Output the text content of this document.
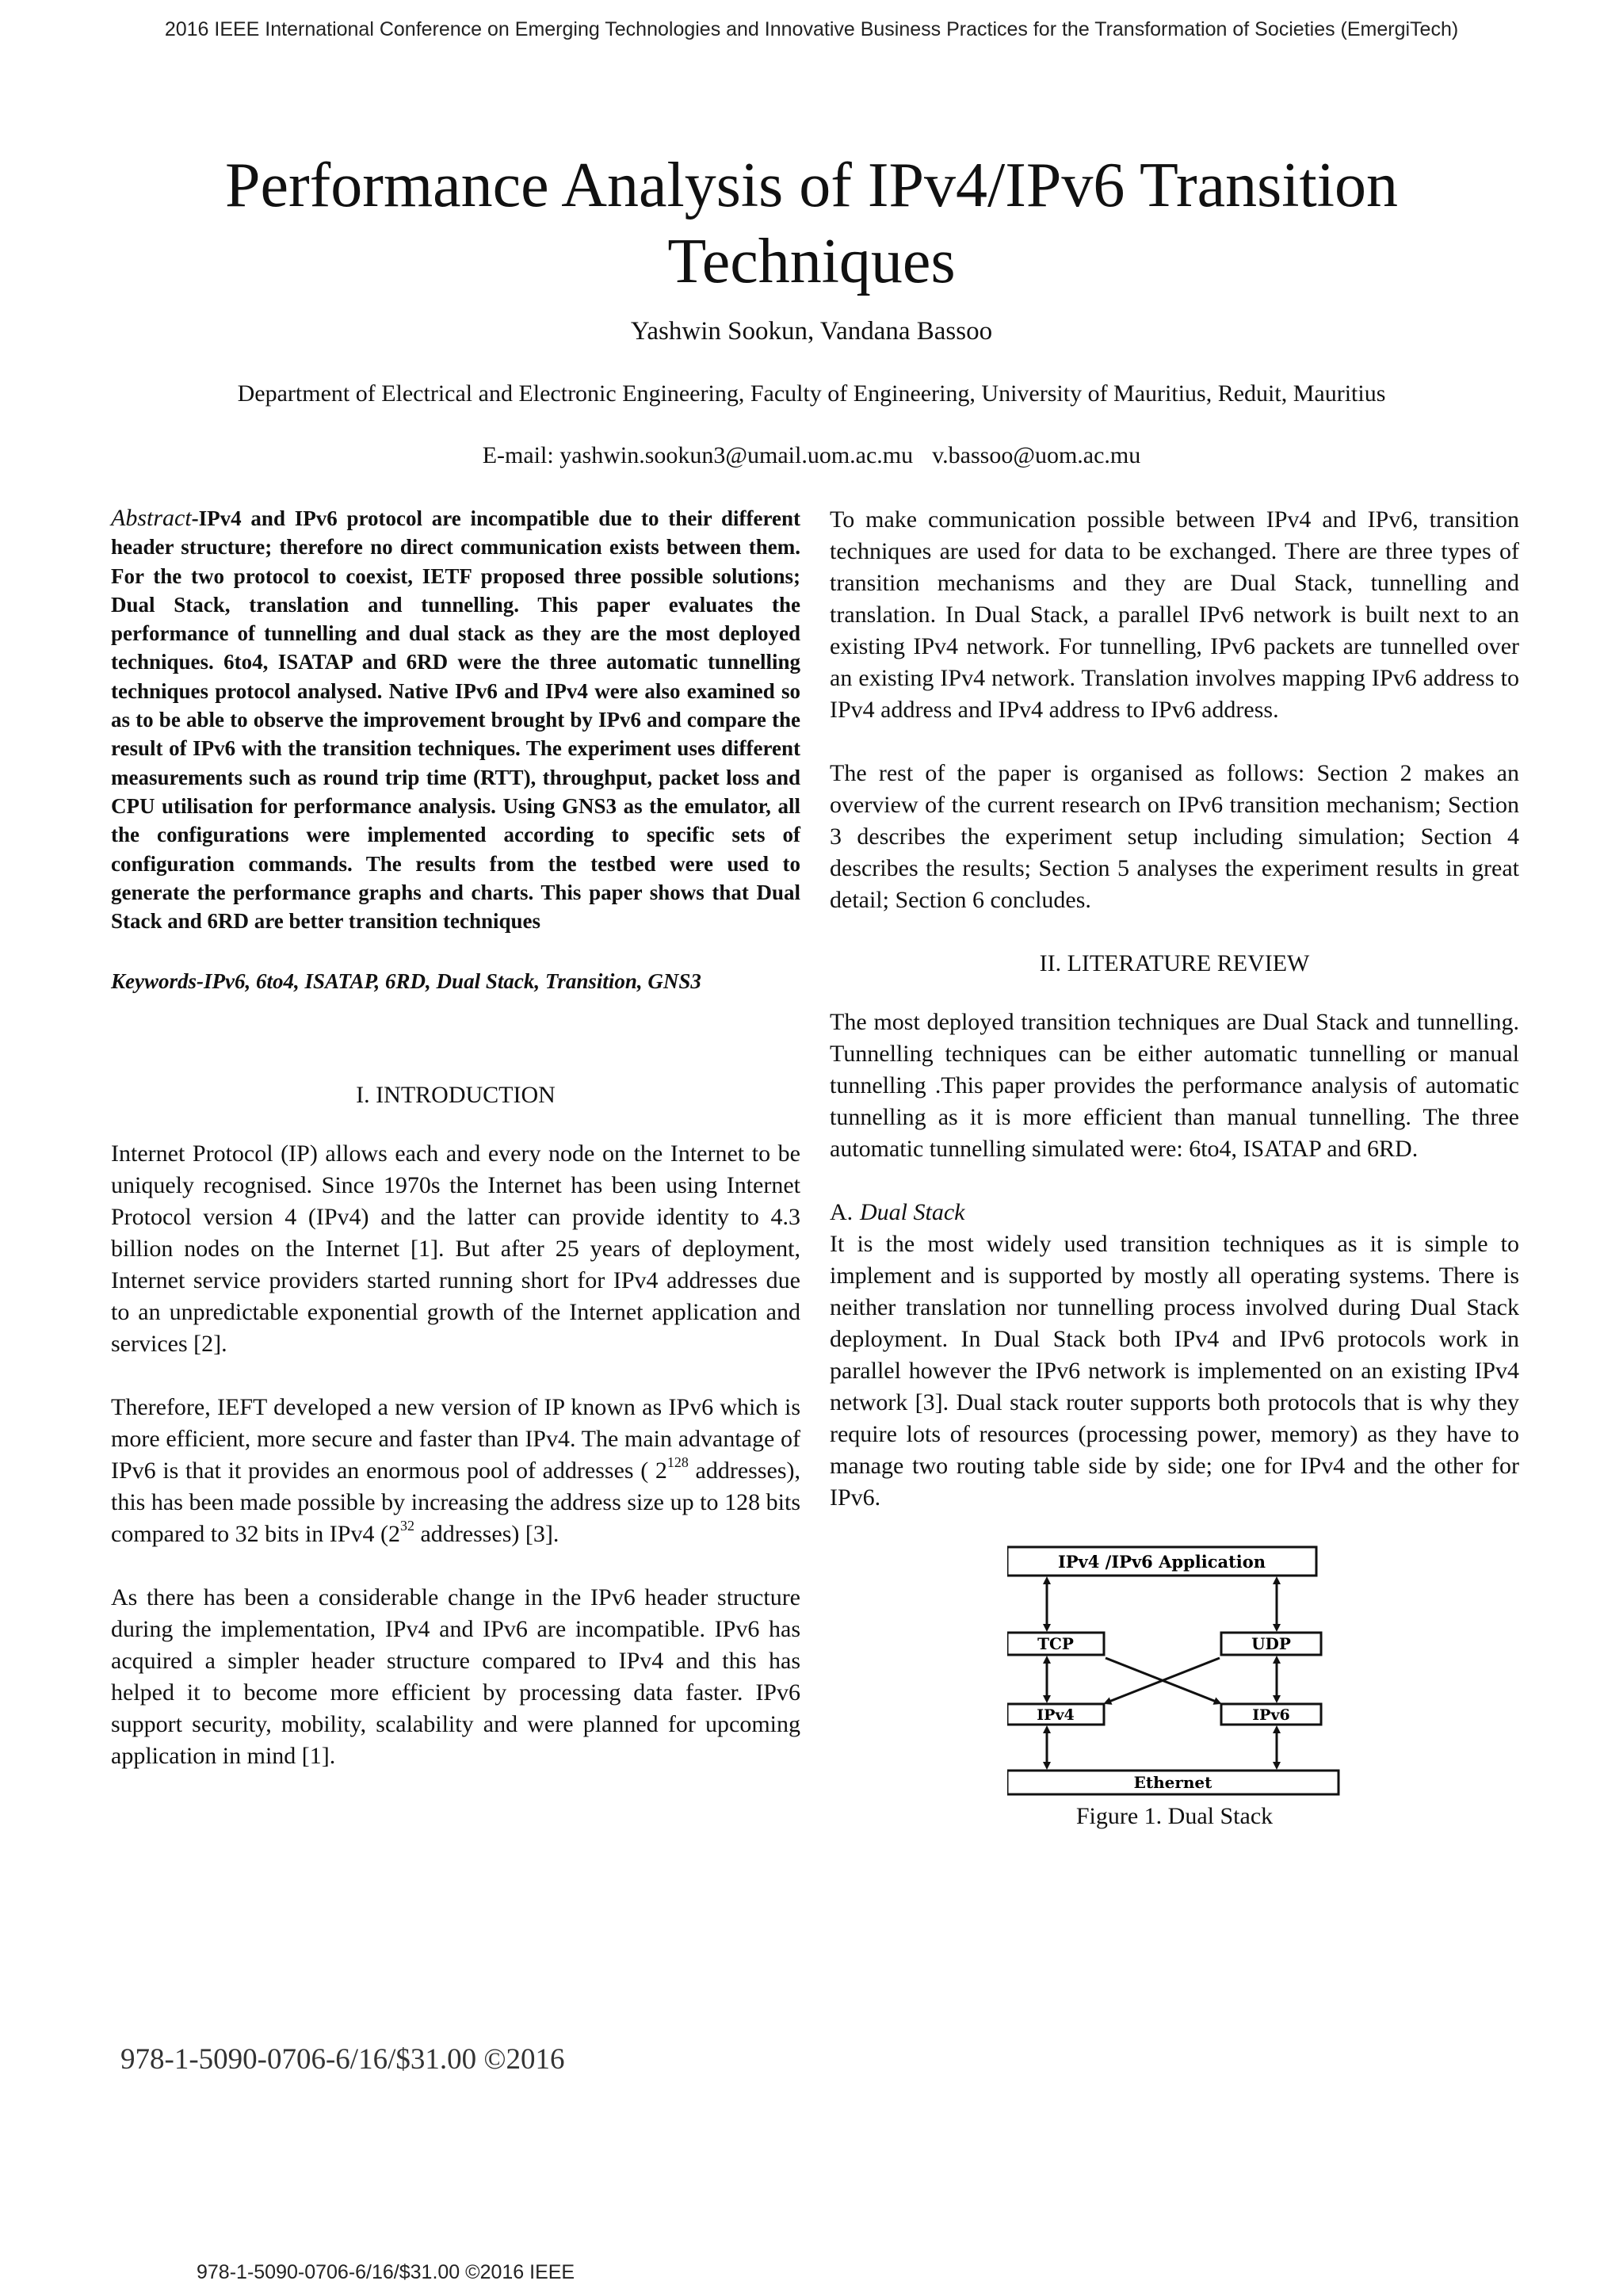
2016 IEEE International Conference on Emerging Technologies and Innovative Business Practices for the Transformation of Societies (EmergiTech)
Performance Analysis of IPv4/IPv6 Transition Techniques
Yashwin Sookun, Vandana Bassoo
Department of Electrical and Electronic Engineering, Faculty of Engineering, University of Mauritius, Reduit, Mauritius
E-mail: yashwin.sookun3@umail.uom.ac.mu v.bassoo@uom.ac.mu

Abstract-IPv4 and IPv6 protocol are incompatible due to their different header structure; therefore no direct communication exists between them. For the two protocol to coexist, IETF proposed three possible solutions; Dual Stack, translation and tunnelling. This paper evaluates the performance of tunnelling and dual stack as they are the most deployed techniques. 6to4, ISATAP and 6RD were the three automatic tunnelling techniques protocol analysed. Native IPv6 and IPv4 were also examined so as to be able to observe the improvement brought by IPv6 and compare the result of IPv6 with the transition techniques. The experiment uses different measurements such as round trip time (RTT), throughput, packet loss and CPU utilisation for performance analysis. Using GNS3 as the emulator, all the configurations were implemented according to specific sets of configuration commands. The results from the testbed were used to generate the performance graphs and charts. This paper shows that Dual Stack and 6RD are better transition techniques

Keywords-IPv6, 6to4, ISATAP, 6RD, Dual Stack, Transition, GNS3

I. INTRODUCTION

Internet Protocol (IP) allows each and every node on the Internet to be uniquely recognised. Since 1970s the Internet has been using Internet Protocol version 4 (IPv4) and the latter can provide identity to 4.3 billion nodes on the Internet [1]. But after 25 years of deployment, Internet service providers started running short for IPv4 addresses due to an unpredictable exponential growth of the Internet application and services [2].

Therefore, IEFT developed a new version of IP known as IPv6 which is more efficient, more secure and faster than IPv4. The main advantage of IPv6 is that it provides an enormous pool of addresses ( $2^{128}$ addresses), this has been made possible by increasing the address size up to 128 bits compared to 32 bits in IPv4 ($2^{32}$ addresses) [3].

As there has been a considerable change in the IPv6 header structure during the implementation, IPv4 and IPv6 are incompatible. IPv6 has acquired a simpler header structure compared to IPv4 and this has helped it to become more efficient by processing data faster. IPv6 support security, mobility, scalability and were planned for upcoming application in mind [1].

To make communication possible between IPv4 and IPv6, transition techniques are used for data to be exchanged. There are three types of transition mechanisms and they are Dual Stack, tunnelling and translation. In Dual Stack, a parallel IPv6 network is built next to an existing IPv4 network. For tunnelling, IPv6 packets are tunnelled over an existing IPv4 network. Translation involves mapping IPv6 address to IPv4 address and IPv4 address to IPv6 address.

The rest of the paper is organised as follows: Section 2 makes an overview of the current research on IPv6 transition mechanism; Section 3 describes the experiment setup including simulation; Section 4 describes the results; Section 5 analyses the experiment results in great detail; Section 6 concludes.

II. LITERATURE REVIEW

The most deployed transition techniques are Dual Stack and tunnelling. Tunnelling techniques can be either automatic tunnelling or manual tunnelling .This paper provides the performance analysis of automatic tunnelling as it is more efficient than manual tunnelling. The three automatic tunnelling simulated were: 6to4, ISATAP and 6RD.

A. Dual Stack

It is the most widely used transition techniques as it is simple to implement and is supported by mostly all operating systems. There is neither translation nor tunnelling process involved during Dual Stack deployment. In Dual Stack both IPv4 and IPv6 protocols work in parallel however the IPv6 network is implemented on an existing IPv4 network [3]. Dual stack router supports both protocols that is why they require lots of resources (processing power, memory) as they have to manage two routing table side by side; one for IPv4 and the other for IPv6.

IPv4 /IPv6 Application
TCP	UDP
IPv4	IPv6
Ethernet
Figure 1. Dual Stack
978-1-5090-0706-6/16/$31.00 ©2016
978-1-5090-0706-6/16/$31.00 ©2016 IEEE
